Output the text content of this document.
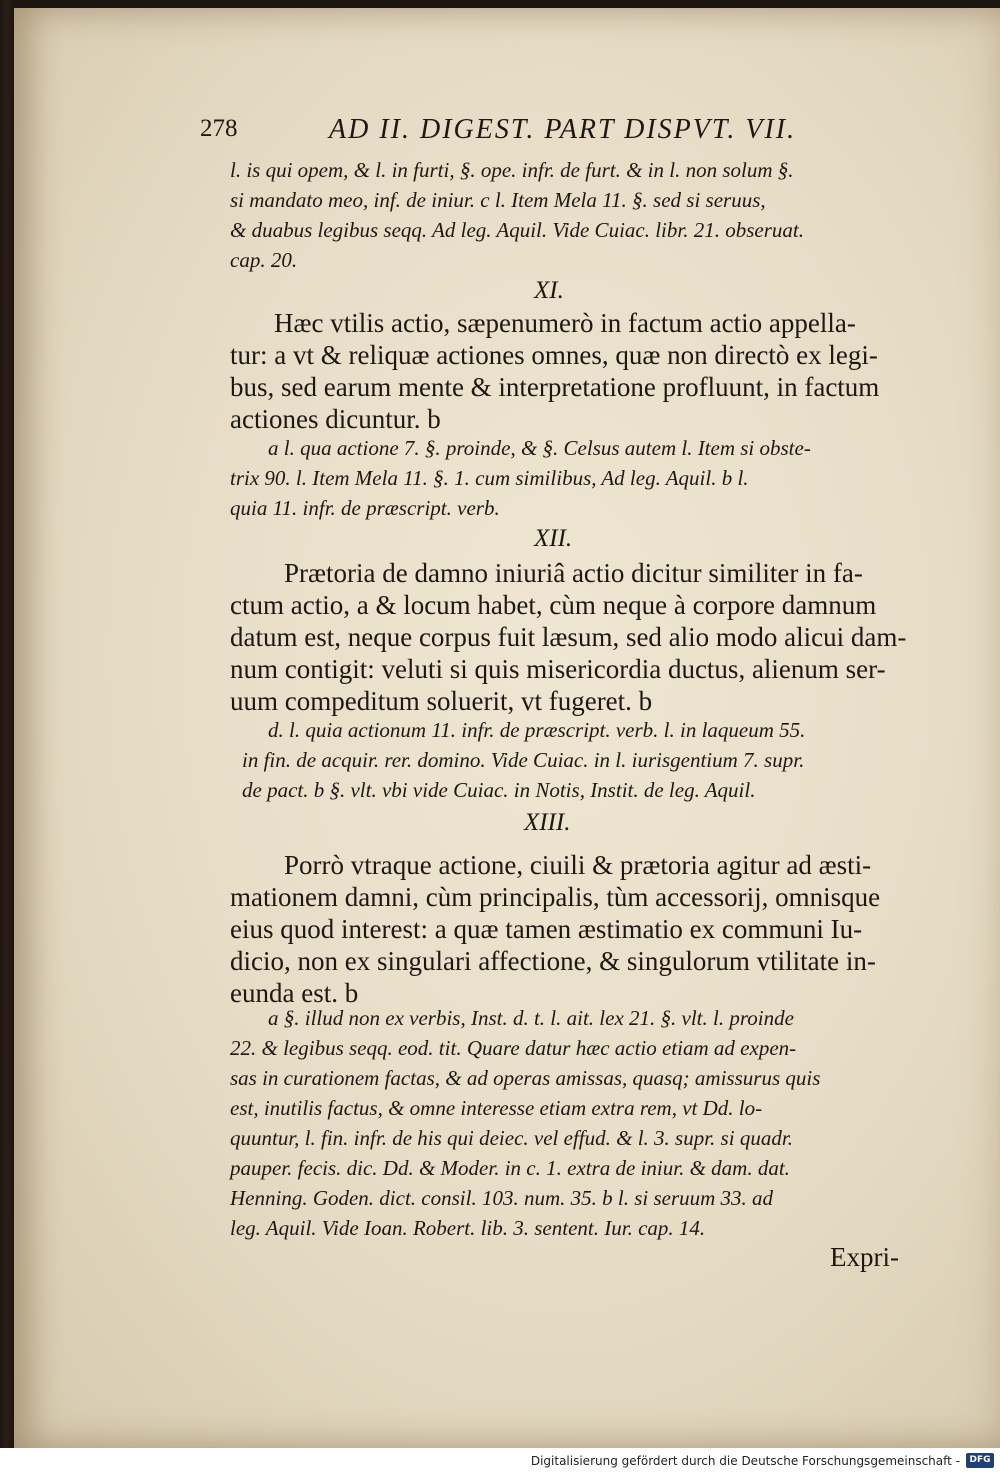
278	AD II. DIGEST. PART DISPVT. VII.
l. is qui opem, & l. in furti, §. ope. infr. de furt. & in l. non solum §.
si mandato meo, inf. de iniur. c l. Item Mela 11. §. sed si seruus,
& duabus legibus seqq. Ad leg. Aquil. Vide Cuiac. libr. 21. obseruat.
cap. 20.
XI.
Hæc vtilis actio, sæpenumerò in factum actio appella-
tur: a vt & reliquæ actiones omnes, quæ non directò ex legi-
bus, sed earum mente & interpretatione profluunt, in factum
actiones dicuntur. b
a l. qua actione 7. §. proinde, & §. Celsus autem l. Item si obste-
trix 90. l. Item Mela 11. §. 1. cum similibus, Ad leg. Aquil. b l.
quia 11. infr. de præscript. verb.
XII.
Prætoria de damno iniuriâ actio dicitur similiter in fa-
ctum actio, a & locum habet, cùm neque à corpore damnum
datum est, neque corpus fuit læsum, sed alio modo alicui dam-
num contigit: veluti si quis misericordia ductus, alienum ser-
uum compeditum soluerit, vt fugeret. b
d. l. quia actionum 11. infr. de præscript. verb. l. in laqueum 55.
in fin. de acquir. rer. domino. Vide Cuiac. in l. iurisgentium 7. supr.
de pact. b §. vlt. vbi vide Cuiac. in Notis, Instit. de leg. Aquil.
XIII.
Porrò vtraque actione, ciuili & prætoria agitur ad æsti-
mationem damni, cùm principalis, tùm accessorij, omnisque
eius quod interest: a quæ tamen æstimatio ex communi Iu-
dicio, non ex singulari affectione, & singulorum vtilitate in-
eunda est. b
a §. illud non ex verbis, Inst. d. t. l. ait. lex 21. §. vlt. l. proinde
22. & legibus seqq. eod. tit. Quare datur hæc actio etiam ad expen-
sas in curationem factas, & ad operas amissas, quasq; amissurus quis
est, inutilis factus, & omne interesse etiam extra rem, vt Dd. lo-
quuntur, l. fin. infr. de his qui deiec. vel effud. & l. 3. supr. si quadr.
pauper. fecis. dic. Dd. & Moder. in c. 1. extra de iniur. & dam. dat.
Henning. Goden. dict. consil. 103. num. 35. b l. si seruum 33. ad
leg. Aquil. Vide Ioan. Robert. lib. 3. sentent. Iur. cap. 14.
Expri-
Digitalisierung gefördert durch die Deutsche Forschungsgemeinschaft -	DFG
